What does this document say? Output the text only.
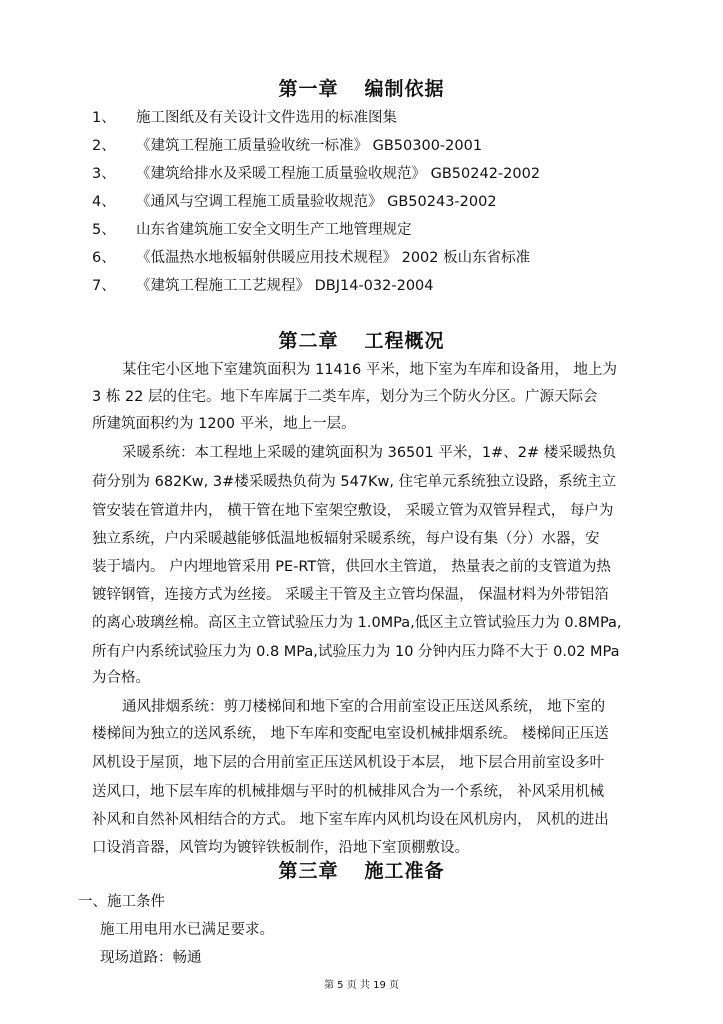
第一章 编制依据
1、 施工图纸及有关设计文件选用的标准图集
2、 《建筑工程施工质量验收统一标准》 GB50300-2001
3、 《建筑给排水及采暖工程施工质量验收规范》 GB50242-2002
4、 《通风与空调工程施工质量验收规范》 GB50243-2002
5、 山东省建筑施工安全文明生产工地管理规定
6、 《低温热水地板辐射供暖应用技术规程》 2002 板山东省标准
7、 《建筑工程施工工艺规程》 DBJ14-032-2004
第二章 工程概况
某住宅小区地下室建筑面积为 11416 平米，地下室为车库和设备用， 地上为
3 栋 22 层的住宅。地下车库属于二类车库，划分为三个防火分区。广源天际会
所建筑面积约为 1200 平米，地上一层。
采暖系统：本工程地上采暖的建筑面积为 36501 平米，1#、2# 楼采暖热负
荷分别为 682Kw, 3#楼采暖热负荷为 547Kw, 住宅单元系统独立设路，系统主立
管安装在管道井内， 横干管在地下室架空敷设， 采暖立管为双管异程式， 每户为
独立系统，户内采暖越能够低温地板辐射采暖系统，每户设有集（分）水器，安
装于墙内。 户内埋地管采用 PE-RT管，供回水主管道， 热量表之前的支管道为热
镀锌钢管，连接方式为丝接。 采暖主干管及主立管均保温， 保温材料为外带铝箔
的离心玻璃丝棉。高区主立管试验压力为 1.0MPa,低区主立管试验压力为 0.8MPa,
所有户内系统试验压力为 0.8 MPa,试验压力为 10 分钟内压力降不大于 0.02 MPa
为合格。
通风排烟系统：剪刀楼梯间和地下室的合用前室设正压送风系统， 地下室的
楼梯间为独立的送风系统， 地下车库和变配电室设机械排烟系统。 楼梯间正压送
风机设于屋顶，地下层的合用前室正压送风机设于本层， 地下层合用前室设多叶
送风口，地下层车库的机械排烟与平时的机械排风合为一个系统， 补风采用机械
补风和自然补风相结合的方式。 地下室车库内风机均设在风机房内， 风机的进出
口设消音器，风管均为镀锌铁板制作，沿地下室顶棚敷设。
第三章 施工准备
一、施工条件
施工用电用水已满足要求。
现场道路：畅通
第 5 页 共 19 页
